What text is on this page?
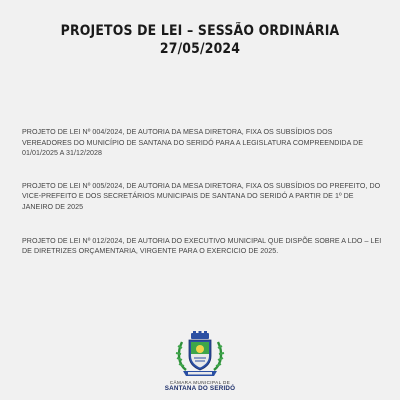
PROJETOS DE LEI – SESSÃO ORDINÁRIA
27/05/2024

PROJETO DE LEI Nº 004/2024, DE AUTORIA DA MESA DIRETORA, FIXA OS SUBSÍDIOS DOS VEREADORES DO MUNICÍPIO DE SANTANA DO SERIDÓ PARA A LEGISLATURA COMPREENDIDA DE 01/01/2025 A 31/12/2028

PROJETO DE LEI Nº 005/2024, DE AUTORIA DA MESA DIRETORA, FIXA OS SUBSÍDIOS DO PREFEITO, DO VICE-PREFEITO E DOS SECRETÁRIOS MUNICIPAIS DE SANTANA DO SERIDÓ A PARTIR DE 1º DE JANEIRO DE 2025

PROJETO DE LEI Nº 012/2024, DE AUTORIA DO EXECUTIVO MUNICIPAL QUE DISPÕE SOBRE A LDO – LEI DE DIRETRIZES ORÇAMENTARIA, VIRGENTE PARA O EXERCICIO DE 2025.

CÂMARA MUNICIPAL DE
SANTANA DO SERIDÓ
